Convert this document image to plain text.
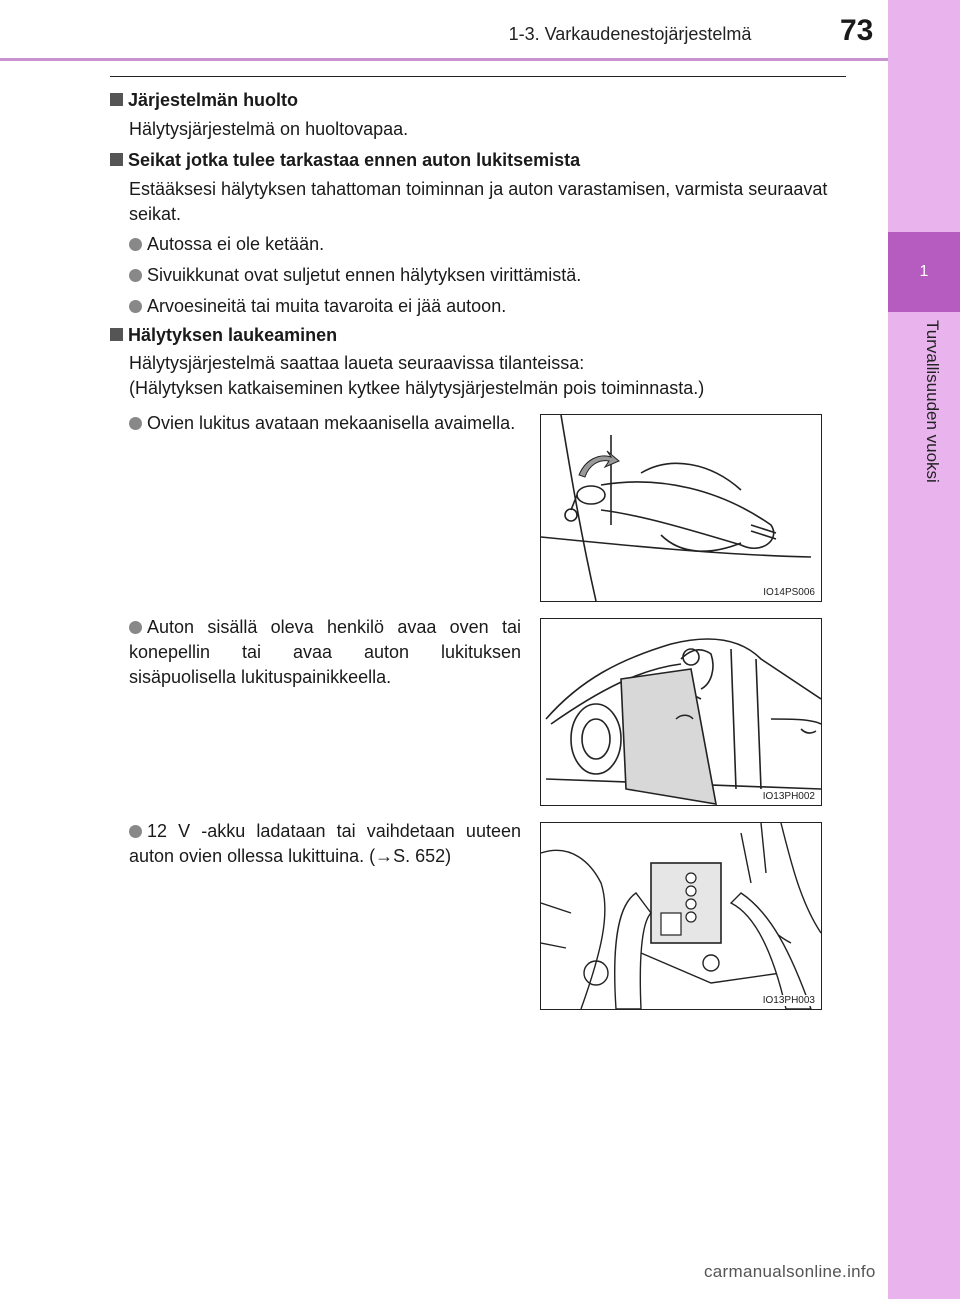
1-3. Varkaudenestojärjestelmä	73
1
Turvallisuuden vuoksi
Järjestelmän huolto
Hälytysjärjestelmä on huoltovapaa.
Seikat jotka tulee tarkastaa ennen auton lukitsemista
Estääksesi hälytyksen tahattoman toiminnan ja auton varastamisen, varmista seuraavat seikat.
Autossa ei ole ketään.
Sivuikkunat ovat suljetut ennen hälytyksen virittämistä.
Arvoesineitä tai muita tavaroita ei jää autoon.
Hälytyksen laukeaminen
Hälytysjärjestelmä saattaa laueta seuraavissa tilanteissa:
(Hälytyksen katkaiseminen kytkee hälytysjärjestelmän pois toiminnasta.)
Ovien lukitus avataan mekaanisella avaimella.
IO14PS006
Auton sisällä oleva henkilö avaa oven tai konepellin tai avaa auton lukituksen sisäpuolisella lukituspainikkeella.
IO13PH002
12 V -akku ladataan tai vaihdetaan uuteen auton ovien ollessa lukittuina. (→S. 652)
IO13PH003
carmanualsonline.info
